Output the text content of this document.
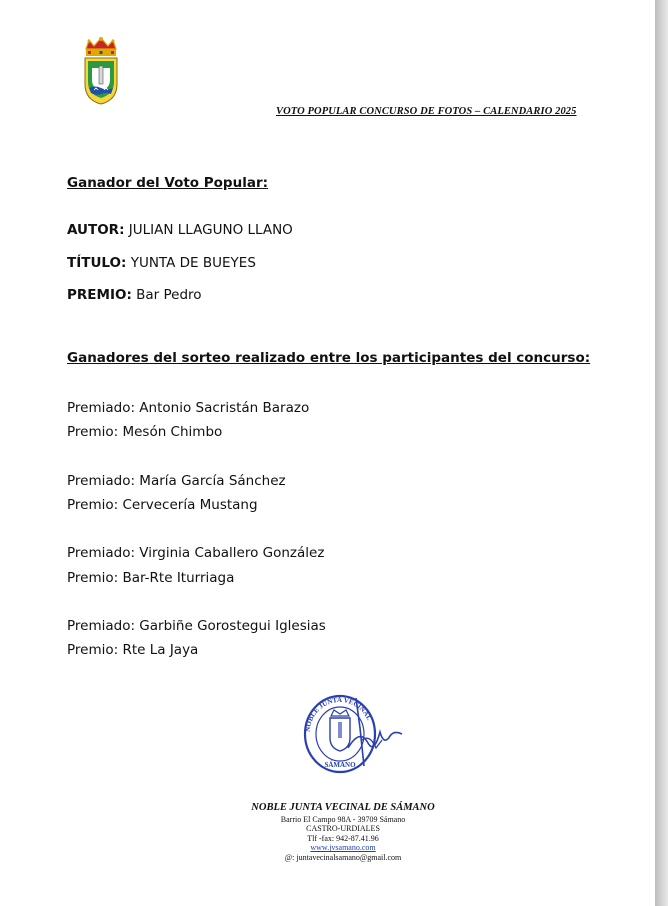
VOTO POPULAR CONCURSO DE FOTOS – CALENDARIO 2025
Ganador del Voto Popular:
AUTOR: JULIAN LLAGUNO LLANO
TÍTULO: YUNTA DE BUEYES
PREMIO: Bar Pedro
Ganadores del sorteo realizado entre los participantes del concurso:
Premiado: Antonio Sacristán Barazo
Premio: Mesón Chimbo
Premiado: María García Sánchez
Premio: Cervecería Mustang
Premiado: Virginia Caballero González
Premio: Bar-Rte Iturriaga
Premiado: Garbiñe Gorostegui Iglesias
Premio: Rte La Jaya
NOBLE JUNTA VECINAL
SÁMANO
NOBLE JUNTA VECINAL DE SÁMANO
Barrio El Campo 98A - 39709 Sámano
CASTRO-URDIALES
Tlf -fax: 942-87.41.96
www.jvsamano.com
@: juntavecinalsamano@gmail.com
